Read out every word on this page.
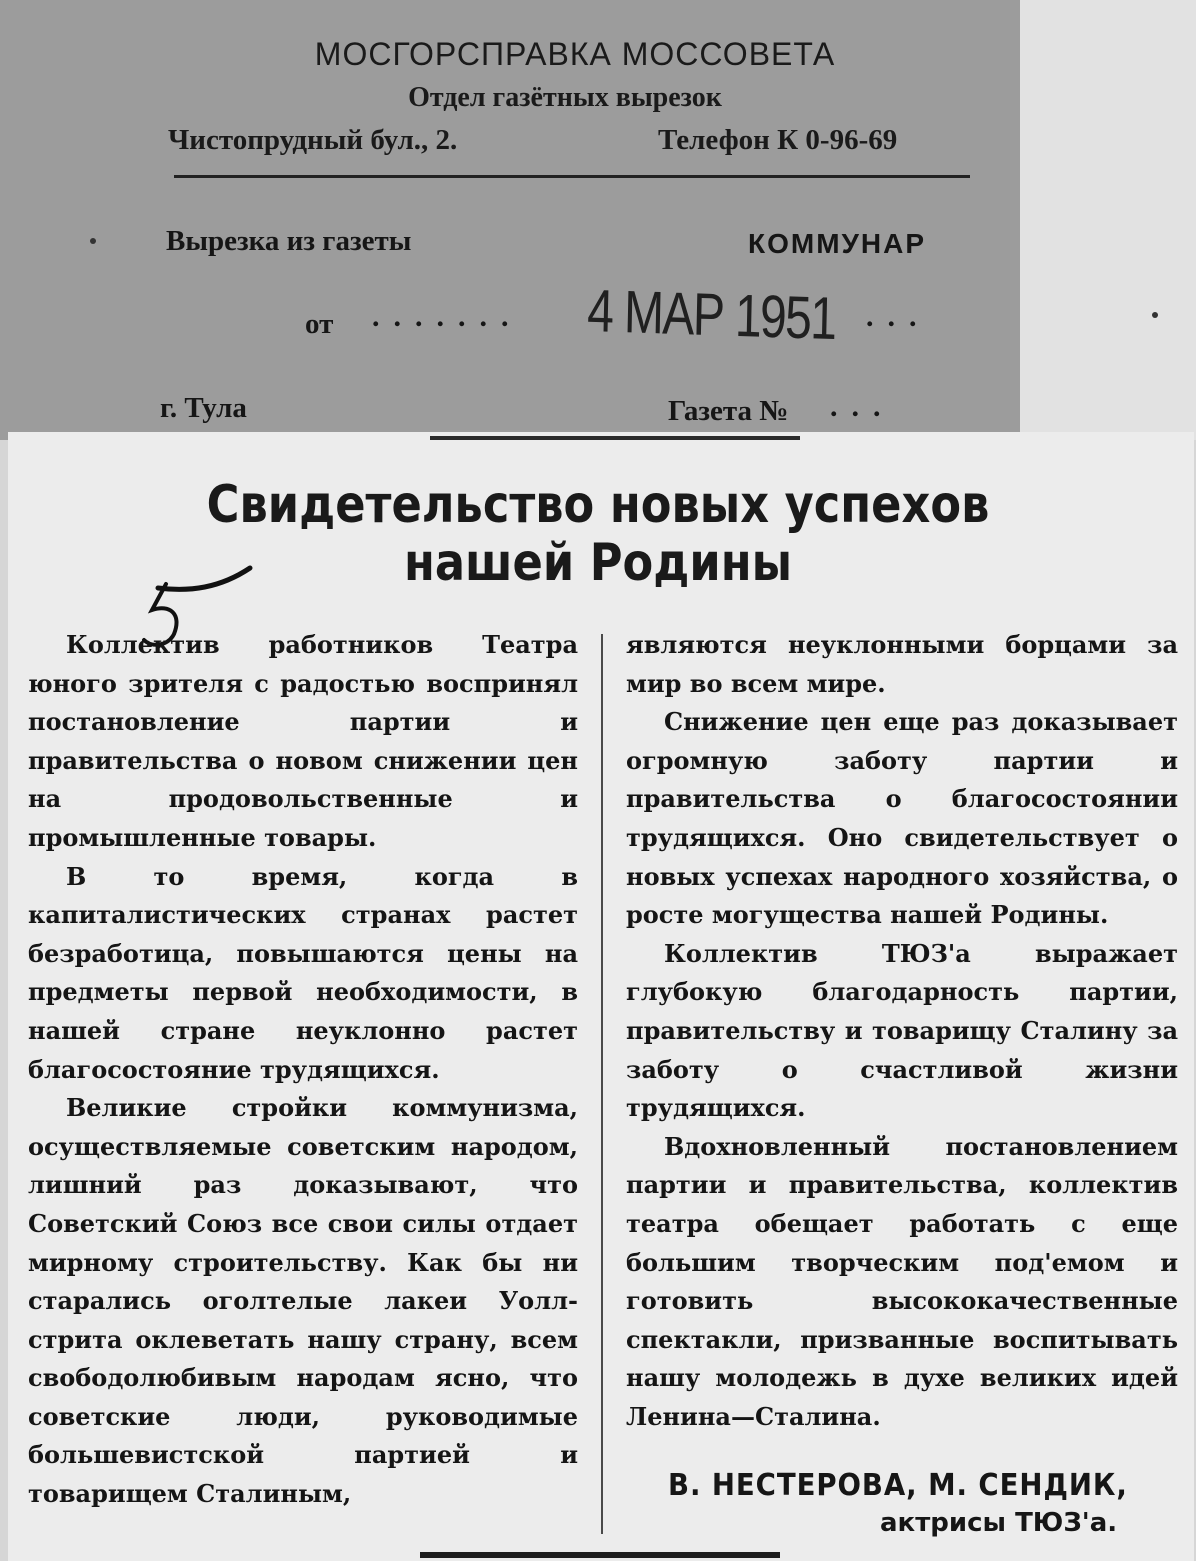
МОСГОРСПРАВКА МОССОВЕТА
Отдел газётных вырезок
Чистопрудный бул., 2.	Телефон К 0-96-69
Вырезка из газеты	КОММУНАР
от ....... 4 МАР 1951 ...
г. Тула	Газета № ...
Свидетельство новых успехов
нашей Родины

Коллектив работников Театра юного зрителя с радостью воспринял постановление партии и правительства о новом снижении цен на продовольственные и промышленные товары.

В то время, когда в капиталистических странах растет безработица, повышаются цены на предметы первой необходимости, в нашей стране неуклонно растет благосостояние трудящихся.

Великие стройки коммунизма, осуществляемые советским народом, лишний раз доказывают, что Советский Союз все свои силы отдает мирному строительству. Как бы ни старались оголтелые лакеи Уолл-стрита оклеветать нашу страну, всем свободолюбивым народам ясно, что советские люди, руководимые большевистской партией и товарищем Сталиным,

являются неуклонными борцами за мир во всем мире.

Снижение цен еще раз доказывает огромную заботу партии и правительства о благосостоянии трудящихся. Оно свидетельствует о новых успехах народного хозяйства, о росте могущества нашей Родины.

Коллектив ТЮЗ'а выражает глубокую благодарность партии, правительству и товарищу Сталину за заботу о счастливой жизни трудящихся.

Вдохновленный постановлением партии и правительства, коллектив театра обещает работать с еще большим творческим под'емом и готовить высококачественные спектакли, призванные воспитывать нашу молодежь в духе великих идей Ленина—Сталина.

В. НЕСТЕРОВА, М. СЕНДИК,
актрисы ТЮЗ'а.
